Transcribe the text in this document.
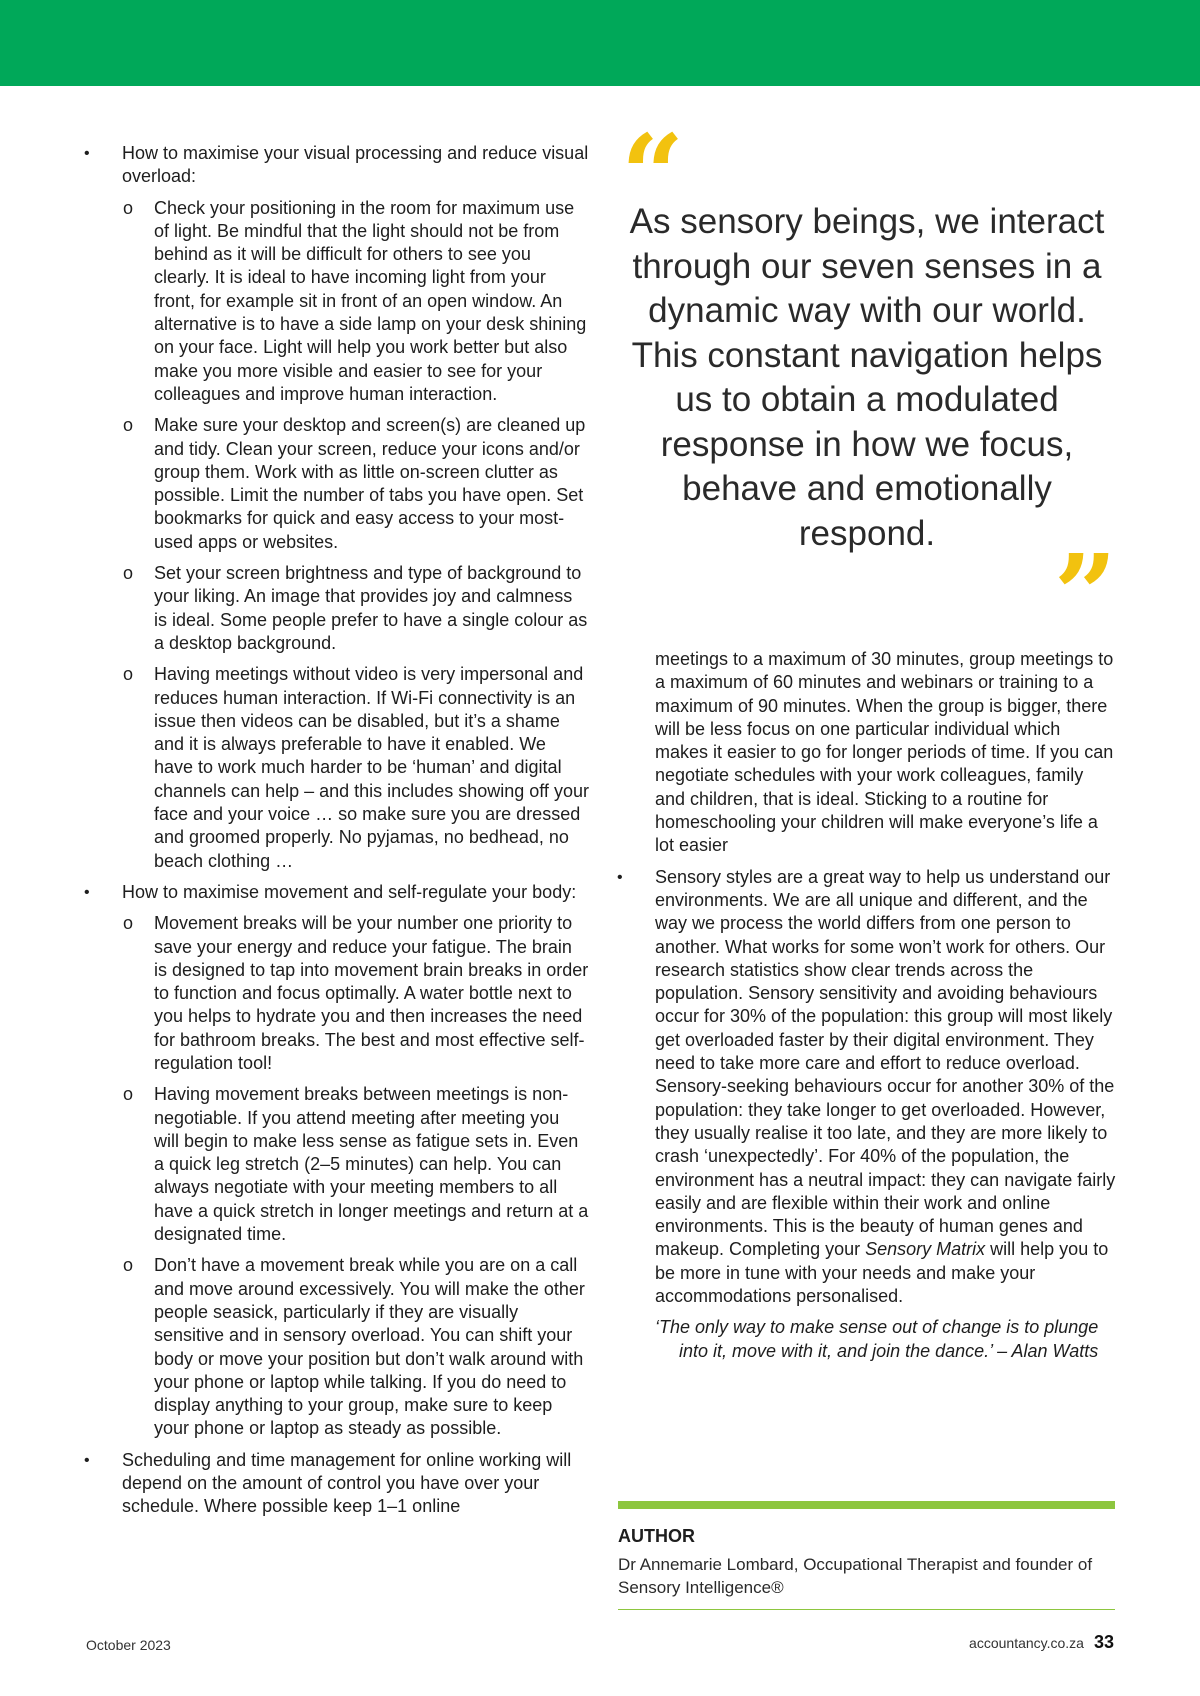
• How to maximise your visual processing and reduce visual overload:

o Check your positioning in the room for maximum use of light. Be mindful that the light should not be from behind as it will be difficult for others to see you clearly. It is ideal to have incoming light from your front, for example sit in front of an open window. An alternative is to have a side lamp on your desk shining on your face. Light will help you work better but also make you more visible and easier to see for your colleagues and improve human interaction.

o Make sure your desktop and screen(s) are cleaned up and tidy. Clean your screen, reduce your icons and/or group them. Work with as little on-screen clutter as possible. Limit the number of tabs you have open. Set bookmarks for quick and easy access to your most-used apps or websites.

o Set your screen brightness and type of background to your liking. An image that provides joy and calmness is ideal. Some people prefer to have a single colour as a desktop background.

o Having meetings without video is very impersonal and reduces human interaction. If Wi-Fi connectivity is an issue then videos can be disabled, but it’s a shame and it is always preferable to have it enabled. We have to work much harder to be ‘human’ and digital channels can help – and this includes showing off your face and your voice … so make sure you are dressed and groomed properly. No pyjamas, no bedhead, no beach clothing …

• How to maximise movement and self-regulate your body:

o Movement breaks will be your number one priority to save your energy and reduce your fatigue. The brain is designed to tap into movement brain breaks in order to function and focus optimally. A water bottle next to you helps to hydrate you and then increases the need for bathroom breaks. The best and most effective self-regulation tool!

o Having movement breaks between meetings is non-negotiable. If you attend meeting after meeting you will begin to make less sense as fatigue sets in. Even a quick leg stretch (2–5 minutes) can help. You can always negotiate with your meeting members to all have a quick stretch in longer meetings and return at a designated time.

o Don’t have a movement break while you are on a call and move around excessively. You will make the other people seasick, particularly if they are visually sensitive and in sensory overload. You can shift your body or move your position but don’t walk around with your phone or laptop while talking. If you do need to display anything to your group, make sure to keep your phone or laptop as steady as possible.

• Scheduling and time management for online working will depend on the amount of control you have over your schedule. Where possible keep 1–1 online

“
As sensory beings, we interact through our seven senses in a dynamic way with our world. This constant navigation helps us to obtain a modulated response in how we focus, behave and emotionally respond.	”

meetings to a maximum of 30 minutes, group meetings to a maximum of 60 minutes and webinars or training to a maximum of 90 minutes. When the group is bigger, there will be less focus on one particular individual which makes it easier to go for longer periods of time. If you can negotiate schedules with your work colleagues, family and children, that is ideal. Sticking to a routine for homeschooling your children will make everyone’s life a lot easier

• Sensory styles are a great way to help us understand our environments. We are all unique and different, and the way we process the world differs from one person to another. What works for some won’t work for others. Our research statistics show clear trends across the population. Sensory sensitivity and avoiding behaviours occur for 30% of the population: this group will most likely get overloaded faster by their digital environment. They need to take more care and effort to reduce overload. Sensory-seeking behaviours occur for another 30% of the population: they take longer to get overloaded. However, they usually realise it too late, and they are more likely to crash ‘unexpectedly’. For 40% of the population, the environment has a neutral impact: they can navigate fairly easily and are flexible within their work and online environments. This is the beauty of human genes and makeup. Completing your Sensory Matrix will help you to be more in tune with your needs and make your accommodations personalised.

‘The only way to make sense out of change is to plunge
into it, move with it, and join the dance.’ – Alan Watts

AUTHOR
Dr Annemarie Lombard, Occupational Therapist and founder of Sensory Intelligence®
October 2023	accountancy.co.za 33
